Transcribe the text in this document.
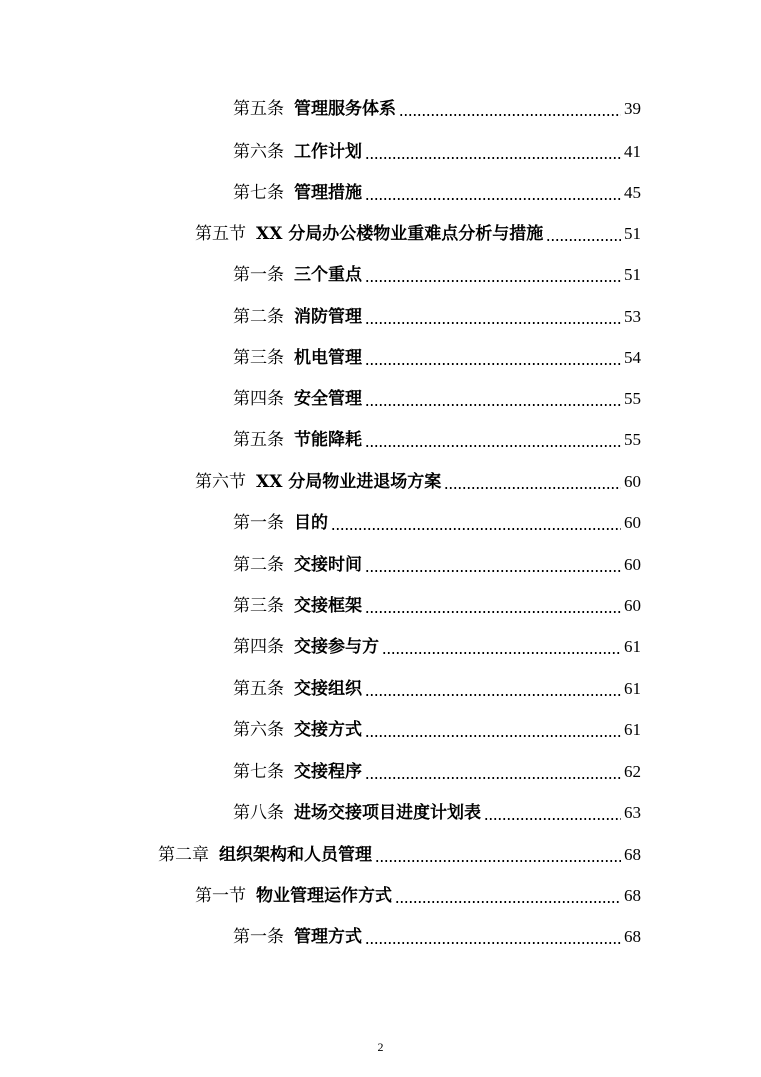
第五条 管理服务体系	39
第六条 工作计划	41
第七条 管理措施	45
第五节 XX 分局办公楼物业重难点分析与措施	51
第一条 三个重点	51
第二条 消防管理	53
第三条 机电管理	54
第四条 安全管理	55
第五条 节能降耗	55
第六节 XX 分局物业进退场方案	60
第一条 目的	60
第二条 交接时间	60
第三条 交接框架	60
第四条 交接参与方	61
第五条 交接组织	61
第六条 交接方式	61
第七条 交接程序	62
第八条 进场交接项目进度计划表	63
第二章 组织架构和人员管理	68
第一节 物业管理运作方式	68
第一条 管理方式	68
2
